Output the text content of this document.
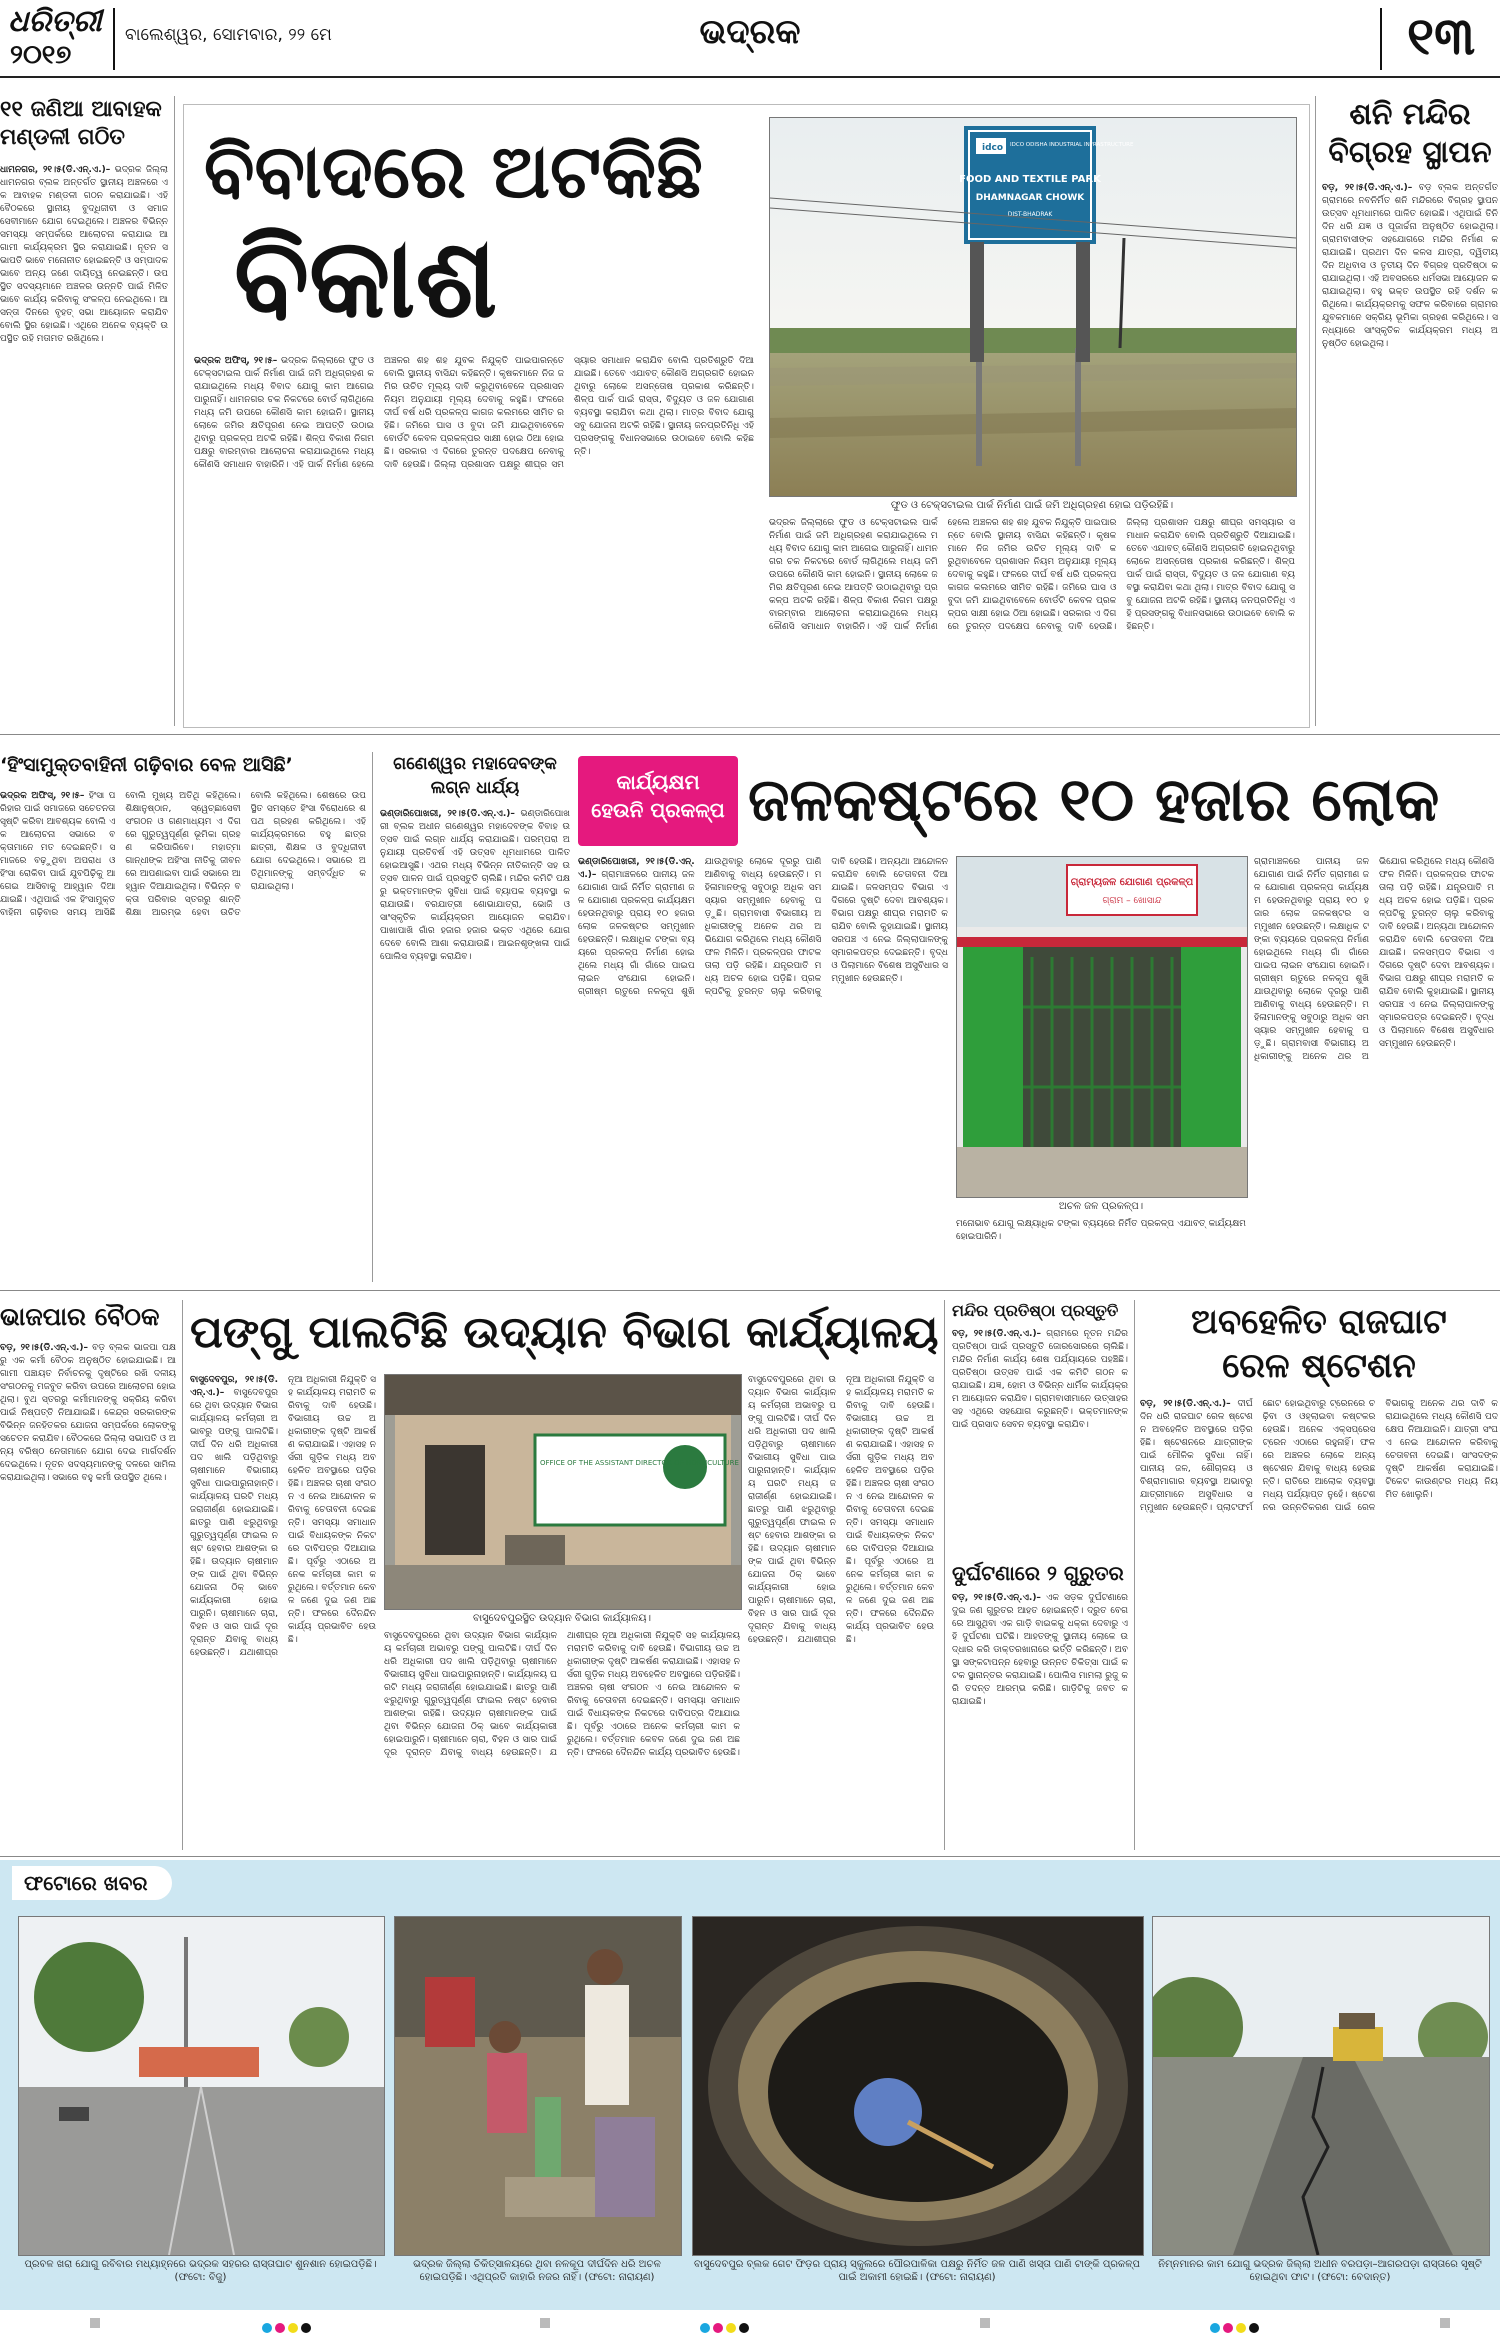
ଧରିତ୍ରୀ
୨୦୧୭
ବାଲେଶ୍ୱର, ସୋମବାର, ୨୨ ମେ	ଭଦ୍ରକ	୧୩
୧୧ ଜଣିଆ ଆବାହକ ମଣ୍ଡଳୀ ଗଠିତ
ଧାମନଗର, ୨୧।୫(ଡି.ଏନ୍.ଏ.)– ଭଦ୍ରକ ଜିଲ୍ଲା ଧାମନଗର ବ୍ଲକ ଅନ୍ତର୍ଗତ ସ୍ଥାନୀୟ ଅଞ୍ଚଳରେ ଏକ ଆବାହକ ମଣ୍ଡଳୀ ଗଠନ କରାଯାଇଛି। ଏହି ବୈଠକରେ ସ୍ଥାନୀୟ ବୁଦ୍ଧିଜୀବୀ ଓ ସମାଜସେବୀମାନେ ଯୋଗ ଦେଇଥିଲେ। ଅଞ୍ଚଳର ବିଭିନ୍ନ ସମସ୍ୟା ସମ୍ପର୍କରେ ଆଲୋଚନା କରାଯାଇ ଆଗାମୀ କାର୍ଯ୍ୟକ୍ରମ ସ୍ଥିର କରାଯାଇଛି। ନୂତନ ସଭାପତି ଭାବେ ମନୋନୀତ ହୋଇଛନ୍ତି ଓ ସମ୍ପାଦକ ଭାବେ ଅନ୍ୟ ଜଣେ ଦାୟିତ୍ୱ ନେଇଛନ୍ତି। ଉପସ୍ଥିତ ସଦସ୍ୟମାନେ ଅଞ୍ଚଳର ଉନ୍ନତି ପାଇଁ ମିଳିତ ଭାବେ କାର୍ଯ୍ୟ କରିବାକୁ ସଂକଳ୍ପ ନେଇଥିଲେ। ଆସନ୍ତା ଦିନରେ ବୃହତ୍ ସଭା ଆୟୋଜନ କରାଯିବ ବୋଲି ସ୍ଥିର ହୋଇଛି। ଏଥିରେ ଅନେକ ବ୍ୟକ୍ତି ଉପସ୍ଥିତ ରହି ମତାମତ ରଖିଥିଲେ।
ବିବାଦରେ ଅଟକିଛି
ବିକାଶ
ଭଦ୍ରକ ଅଫିସ୍, ୨୧।୫– ଭଦ୍ରକ ଜିଲ୍ଲାରେ ଫୁଡ ଓ ଟେକ୍ସଟାଇଲ ପାର୍କ ନିର୍ମାଣ ପାଇଁ ଜମି ଅଧିଗ୍ରହଣ କରାଯାଇଥିଲେ ମଧ୍ୟ ବିବାଦ ଯୋଗୁ କାମ ଆଗେଇ ପାରୁନାହିଁ। ଧାମନଗର ଚକ ନିକଟରେ ବୋର୍ଡ ଲାଗିଥିଲେ ମଧ୍ୟ ଜମି ଉପରେ କୌଣସି କାମ ହୋଇନି। ସ୍ଥାନୀୟ ଲୋକେ ଜମିର କ୍ଷତିପୂରଣ ନେଇ ଆପତ୍ତି ଉଠାଇଥିବାରୁ ପ୍ରକଳ୍ପ ଅଟକି ରହିଛି। ଶିଳ୍ପ ବିକାଶ ନିଗମ ପକ୍ଷରୁ ବାରମ୍ବାର ଆଲୋଚନା କରାଯାଇଥିଲେ ମଧ୍ୟ କୌଣସି ସମାଧାନ ବାହାରିନି। ଏହି ପାର୍କ ନିର୍ମାଣ ହେଲେ ଅଞ୍ଚଳର ଶହ ଶହ ଯୁବକ ନିଯୁକ୍ତି ପାଇପାରନ୍ତେ ବୋଲି ସ୍ଥାନୀୟ ବାସିନ୍ଦା କହିଛନ୍ତି। କୃଷକମାନେ ନିଜ ଜମିର ଉଚିତ ମୂଲ୍ୟ ଦାବି କରୁଥିବାବେଳେ ପ୍ରଶାସନ ନିୟମ ଅନୁଯାୟୀ ମୂଲ୍ୟ ଦେବାକୁ କହୁଛି। ଫଳରେ ଦୀର୍ଘ ବର୍ଷ ଧରି ପ୍ରକଳ୍ପ କାଗଜ କଲମରେ ସୀମିତ ରହିଛି। ଜମିରେ ଘାସ ଓ ବୁଦା ଜମି ଯାଇଥିବାବେଳେ ବୋର୍ଡଟି କେବଳ ପ୍ରକଳ୍ପର ସାକ୍ଷୀ ହୋଇ ଠିଆ ହୋଇଛି। ସରକାର ଏ ଦିଗରେ ତୁରନ୍ତ ପଦକ୍ଷେପ ନେବାକୁ ଦାବି ହେଉଛି। ଜିଲ୍ଲା ପ୍ରଶାସନ ପକ୍ଷରୁ ଶୀଘ୍ର ସମସ୍ୟାର ସମାଧାନ କରାଯିବ ବୋଲି ପ୍ରତିଶ୍ରୁତି ଦିଆଯାଇଛି। ତେବେ ଏଯାବତ୍ କୌଣସି ଅଗ୍ରଗତି ହୋଇନଥିବାରୁ ଲୋକେ ଅସନ୍ତୋଷ ପ୍ରକାଶ କରିଛନ୍ତି। ଶିଳ୍ପ ପାର୍କ ପାଇଁ ରାସ୍ତା, ବିଦ୍ୟୁତ ଓ ଜଳ ଯୋଗାଣ ବ୍ୟବସ୍ଥା କରାଯିବା କଥା ଥିଲା। ମାତ୍ର ବିବାଦ ଯୋଗୁ ସବୁ ଯୋଜନା ଅଟକି ରହିଛି। ସ୍ଥାନୀୟ ଜନପ୍ରତିନିଧି ଏହି ପ୍ରସଙ୍ଗକୁ ବିଧାନସଭାରେ ଉଠାଇବେ ବୋଲି କହିଛନ୍ତି।
idco IDCO ODISHA INDUSTRIAL INFRASTRUCTURE
FOOD AND TEXTILE PARK
DHAMNAGAR CHOWK
DIST-BHADRAK
ଫୁଡ ଓ ଟେକ୍ସଟାଇଲ ପାର୍କ ନିର୍ମାଣ ପାଇଁ ଜମି ଅଧିଗ୍ରହଣ ହୋଇ ପଡ଼ିରହିଛି।
ଭଦ୍ରକ ଜିଲ୍ଲାରେ ଫୁଡ ଓ ଟେକ୍ସଟାଇଲ ପାର୍କ ନିର୍ମାଣ ପାଇଁ ଜମି ଅଧିଗ୍ରହଣ କରାଯାଇଥିଲେ ମଧ୍ୟ ବିବାଦ ଯୋଗୁ କାମ ଆଗେଇ ପାରୁନାହିଁ। ଧାମନଗର ଚକ ନିକଟରେ ବୋର୍ଡ ଲାଗିଥିଲେ ମଧ୍ୟ ଜମି ଉପରେ କୌଣସି କାମ ହୋଇନି। ସ୍ଥାନୀୟ ଲୋକେ ଜମିର କ୍ଷତିପୂରଣ ନେଇ ଆପତ୍ତି ଉଠାଇଥିବାରୁ ପ୍ରକଳ୍ପ ଅଟକି ରହିଛି। ଶିଳ୍ପ ବିକାଶ ନିଗମ ପକ୍ଷରୁ ବାରମ୍ବାର ଆଲୋଚନା କରାଯାଇଥିଲେ ମଧ୍ୟ କୌଣସି ସମାଧାନ ବାହାରିନି। ଏହି ପାର୍କ ନିର୍ମାଣ ହେଲେ ଅଞ୍ଚଳର ଶହ ଶହ ଯୁବକ ନିଯୁକ୍ତି ପାଇପାରନ୍ତେ ବୋଲି ସ୍ଥାନୀୟ ବାସିନ୍ଦା କହିଛନ୍ତି। କୃଷକମାନେ ନିଜ ଜମିର ଉଚିତ ମୂଲ୍ୟ ଦାବି କରୁଥିବାବେଳେ ପ୍ରଶାସନ ନିୟମ ଅନୁଯାୟୀ ମୂଲ୍ୟ ଦେବାକୁ କହୁଛି। ଫଳରେ ଦୀର୍ଘ ବର୍ଷ ଧରି ପ୍ରକଳ୍ପ କାଗଜ କଲମରେ ସୀମିତ ରହିଛି। ଜମିରେ ଘାସ ଓ ବୁଦା ଜମି ଯାଇଥିବାବେଳେ ବୋର୍ଡଟି କେବଳ ପ୍ରକଳ୍ପର ସାକ୍ଷୀ ହୋଇ ଠିଆ ହୋଇଛି। ସରକାର ଏ ଦିଗରେ ତୁରନ୍ତ ପଦକ୍ଷେପ ନେବାକୁ ଦାବି ହେଉଛି। ଜିଲ୍ଲା ପ୍ରଶାସନ ପକ୍ଷରୁ ଶୀଘ୍ର ସମସ୍ୟାର ସମାଧାନ କରାଯିବ ବୋଲି ପ୍ରତିଶ୍ରୁତି ଦିଆଯାଇଛି। ତେବେ ଏଯାବତ୍ କୌଣସି ଅଗ୍ରଗତି ହୋଇନଥିବାରୁ ଲୋକେ ଅସନ୍ତୋଷ ପ୍ରକାଶ କରିଛନ୍ତି। ଶିଳ୍ପ ପାର୍କ ପାଇଁ ରାସ୍ତା, ବିଦ୍ୟୁତ ଓ ଜଳ ଯୋଗାଣ ବ୍ୟବସ୍ଥା କରାଯିବା କଥା ଥିଲା। ମାତ୍ର ବିବାଦ ଯୋଗୁ ସବୁ ଯୋଜନା ଅଟକି ରହିଛି। ସ୍ଥାନୀୟ ଜନପ୍ରତିନିଧି ଏହି ପ୍ରସଙ୍ଗକୁ ବିଧାନସଭାରେ ଉଠାଇବେ ବୋଲି କହିଛନ୍ତି।
ଶନି ମନ୍ଦିର
ବିଗ୍ରହ ସ୍ଥାପନ
ବଡ଼, ୨୧।୫(ଡି.ଏନ୍.ଏ.)– ବଡ଼ ବ୍ଲକ ଅନ୍ତର୍ଗତ ଗ୍ରାମରେ ନବନିର୍ମିତ ଶନି ମନ୍ଦିରରେ ବିଗ୍ରହ ସ୍ଥାପନ ଉତ୍ସବ ଧୂମଧାମରେ ପାଳିତ ହୋଇଛି। ଏଥିପାଇଁ ତିନି ଦିନ ଧରି ଯଜ୍ଞ ଓ ପୂଜାର୍ଚ୍ଚନା ଅନୁଷ୍ଠିତ ହୋଇଥିଲା। ଗ୍ରାମବାସୀଙ୍କ ସହଯୋଗରେ ମନ୍ଦିର ନିର୍ମାଣ କରାଯାଇଛି। ପ୍ରଥମ ଦିନ କଳସ ଯାତ୍ରା, ଦ୍ୱିତୀୟ ଦିନ ଅଧିବାସ ଓ ତୃତୀୟ ଦିନ ବିଗ୍ରହ ପ୍ରତିଷ୍ଠା କରାଯାଇଥିଲା। ଏହି ଅବସରରେ ଧର୍ମସଭା ଆୟୋଜନ କରାଯାଇଥିଲା। ବହୁ ଭକ୍ତ ଉପସ୍ଥିତ ରହି ଦର୍ଶନ କରିଥିଲେ। କାର୍ଯ୍ୟକ୍ରମକୁ ସଫଳ କରିବାରେ ଗ୍ରାମର ଯୁବକମାନେ ସକ୍ରିୟ ଭୂମିକା ଗ୍ରହଣ କରିଥିଲେ। ସନ୍ଧ୍ୟାରେ ସାଂସ୍କୃତିକ କାର୍ଯ୍ୟକ୍ରମ ମଧ୍ୟ ଅନୁଷ୍ଠିତ ହୋଇଥିଲା।
‘ହିଂସାମୁକ୍ତବାହିନୀ ଗଢ଼ିବାର ବେଳ ଆସିଛି’
ଭଦ୍ରକ ଅଫିସ୍, ୨୧।୫– ହିଂସା ପରିହାର ପାଇଁ ସମାଜରେ ସଚେତନତା ସୃଷ୍ଟି କରିବା ଆବଶ୍ୟକ ବୋଲି ଏକ ଆଲୋଚନା ସଭାରେ ବକ୍ତାମାନେ ମତ ଦେଇଛନ୍ତି। ସମାଜରେ ବଢ଼ୁଥିବା ଅପରାଧ ଓ ହିଂସା ରୋକିବା ପାଇଁ ଯୁବପିଢ଼ିକୁ ଆଗେଇ ଆସିବାକୁ ଆହ୍ୱାନ ଦିଆଯାଇଛି। ଏଥିପାଇଁ ଏକ ହିଂସାମୁକ୍ତ ବାହିନୀ ଗଢ଼ିବାର ସମୟ ଆସିଛି ବୋଲି ମୁଖ୍ୟ ଅତିଥି କହିଥିଲେ। ଶିକ୍ଷାନୁଷ୍ଠାନ, ସ୍ୱେଚ୍ଛାସେବୀ ସଂଗଠନ ଓ ଗଣମାଧ୍ୟମ ଏ ଦିଗରେ ଗୁରୁତ୍ୱପୂର୍ଣ୍ଣ ଭୂମିକା ଗ୍ରହଣ କରିପାରିବେ। ମହାତ୍ମା ଗାନ୍ଧୀଙ୍କ ଅହିଂସା ନୀତିକୁ ଜୀବନରେ ଆପଣାଇବା ପାଇଁ ସଭାରେ ଆହ୍ୱାନ ଦିଆଯାଇଥିଲା। ବିଭିନ୍ନ ବକ୍ତା ପରିବାର ସ୍ତରରୁ ଶାନ୍ତି ଶିକ୍ଷା ଆରମ୍ଭ ହେବା ଉଚିତ ବୋଲି କହିଥିଲେ। ଶେଷରେ ଉପସ୍ଥିତ ସମସ୍ତେ ହିଂସା ବିରୋଧରେ ଶପଥ ଗ୍ରହଣ କରିଥିଲେ। ଏହି କାର୍ଯ୍ୟକ୍ରମରେ ବହୁ ଛାତ୍ରଛାତ୍ରୀ, ଶିକ୍ଷକ ଓ ବୁଦ୍ଧିଜୀବୀ ଯୋଗ ଦେଇଥିଲେ। ସଭାରେ ଅତିଥିମାନଙ୍କୁ ସମ୍ବର୍ଦ୍ଧିତ କରାଯାଇଥିଲା।
ଗଣେଶ୍ୱର ମହାଦେବଙ୍କ ଲଗ୍ନ ଧାର୍ଯ୍ୟ
ଭଣ୍ଡାରିପୋଖରୀ, ୨୧।୫(ଡି.ଏନ୍.ଏ.)– ଭଣ୍ଡାରିପୋଖରୀ ବ୍ଲକ ଅଧୀନ ଗଣେଶ୍ୱର ମହାଦେବଙ୍କ ବିବାହ ଉତ୍ସବ ପାଇଁ ଲଗ୍ନ ଧାର୍ଯ୍ୟ କରାଯାଇଛି। ପରମ୍ପରା ଅନୁଯାୟୀ ପ୍ରତିବର୍ଷ ଏହି ଉତ୍ସବ ଧୂମଧାମରେ ପାଳିତ ହୋଇଆସୁଛି। ଏଥର ମଧ୍ୟ ବିଭିନ୍ନ ନୀତିକାନ୍ତି ସହ ଉତ୍ସବ ପାଳନ ପାଇଁ ପ୍ରସ୍ତୁତି ଚାଲିଛି। ମନ୍ଦିର କମିଟି ପକ୍ଷରୁ ଭକ୍ତମାନଙ୍କ ସୁବିଧା ପାଇଁ ବ୍ୟାପକ ବ୍ୟବସ୍ଥା କରାଯାଉଛି। ବରଯାତ୍ରୀ ଶୋଭାଯାତ୍ରା, ଭୋଜି ଓ ସାଂସ୍କୃତିକ କାର୍ଯ୍ୟକ୍ରମ ଆୟୋଜନ କରାଯିବ। ପାଖାପାଖି ଗାଁର ହଜାର ହଜାର ଭକ୍ତ ଏଥିରେ ଯୋଗ ଦେବେ ବୋଲି ଆଶା କରାଯାଉଛି। ଆଇନଶୃଙ୍ଖଳା ପାଇଁ ପୋଲିସ ବ୍ୟବସ୍ଥା କରାଯିବ।
କାର୍ଯ୍ୟକ୍ଷମ
ହେଉନି ପ୍ରକଳ୍ପ ଜଳକଷ୍ଟରେ ୧୦ ହଜାର ଲୋକ
ଭଣ୍ଡାରିପୋଖରୀ, ୨୧।୫(ଡି.ଏନ୍.ଏ.)– ଗ୍ରାମାଞ୍ଚଳରେ ପାନୀୟ ଜଳ ଯୋଗାଣ ପାଇଁ ନିର୍ମିତ ଗ୍ରାମୀଣ ଜଳ ଯୋଗାଣ ପ୍ରକଳ୍ପ କାର୍ଯ୍ୟକ୍ଷମ ହେଉନଥିବାରୁ ପ୍ରାୟ ୧୦ ହଜାର ଲୋକ ଜଳକଷ୍ଟର ସମ୍ମୁଖୀନ ହେଉଛନ୍ତି। ଲକ୍ଷାଧିକ ଟଙ୍କା ବ୍ୟୟରେ ପ୍ରକଳ୍ପ ନିର୍ମାଣ ହୋଇଥିଲେ ମଧ୍ୟ ଗାଁ ଗାଁରେ ପାଇପ ଲାଇନ ସଂଯୋଗ ହୋଇନି। ଗ୍ରୀଷ୍ମ ଋତୁରେ ନଳକୂପ ଶୁଖି ଯାଉଥିବାରୁ ଲୋକେ ଦୂରରୁ ପାଣି ଆଣିବାକୁ ବାଧ୍ୟ ହେଉଛନ୍ତି। ମହିଳାମାନଙ୍କୁ ସବୁଠାରୁ ଅଧିକ ସମସ୍ୟାର ସମ୍ମୁଖୀନ ହେବାକୁ ପଡ଼ୁଛି। ଗ୍ରାମବାସୀ ବିଭାଗୀୟ ଅଧିକାରୀଙ୍କୁ ଅନେକ ଥର ଅଭିଯୋଗ କରିଥିଲେ ମଧ୍ୟ କୌଣସି ଫଳ ମିଳିନି। ପ୍ରକଳ୍ପର ଫାଟକ ତାଲା ପଡ଼ି ରହିଛି। ଯନ୍ତ୍ରପାତି ମଧ୍ୟ ଅଚଳ ହୋଇ ପଡ଼ିଛି। ପ୍ରକଳ୍ପଟିକୁ ତୁରନ୍ତ ଚାଲୁ କରିବାକୁ ଦାବି ହେଉଛି। ଅନ୍ୟଥା ଆନ୍ଦୋଳନ କରାଯିବ ବୋଲି ଚେତାବନୀ ଦିଆଯାଇଛି। ଜଳସମ୍ପଦ ବିଭାଗ ଏ ଦିଗରେ ଦୃଷ୍ଟି ଦେବା ଆବଶ୍ୟକ। ବିଭାଗ ପକ୍ଷରୁ ଶୀଘ୍ର ମରାମତି କରାଯିବ ବୋଲି କୁହାଯାଇଛି। ସ୍ଥାନୀୟ ସରପଞ୍ଚ ଏ ନେଇ ଜିଲ୍ଲାପାଳଙ୍କୁ ସ୍ମାରକପତ୍ର ଦେଇଛନ୍ତି। ବୃଦ୍ଧ ଓ ପିଲାମାନେ ବିଶେଷ ଅସୁବିଧାର ସମ୍ମୁଖୀନ ହେଉଛନ୍ତି।
ଗ୍ରାମ୍ୟଜଳ ଯୋଗାଣ ପ୍ରକଳ୍ପ
ଗ୍ରାମ – ଖୋସାନ୍ଦ
ଅଚଳ ଜଳ ପ୍ରକଳ୍ପ।
ଗ୍ରାମାଞ୍ଚଳରେ ପାନୀୟ ଜଳ ଯୋଗାଣ ପାଇଁ ନିର୍ମିତ ଗ୍ରାମୀଣ ଜଳ ଯୋଗାଣ ପ୍ରକଳ୍ପ କାର୍ଯ୍ୟକ୍ଷମ ହେଉନଥିବାରୁ ପ୍ରାୟ ୧୦ ହଜାର ଲୋକ ଜଳକଷ୍ଟର ସମ୍ମୁଖୀନ ହେଉଛନ୍ତି। ଲକ୍ଷାଧିକ ଟଙ୍କା ବ୍ୟୟରେ ପ୍ରକଳ୍ପ ନିର୍ମାଣ ହୋଇଥିଲେ ମଧ୍ୟ ଗାଁ ଗାଁରେ ପାଇପ ଲାଇନ ସଂଯୋଗ ହୋଇନି। ଗ୍ରୀଷ୍ମ ଋତୁରେ ନଳକୂପ ଶୁଖି ଯାଉଥିବାରୁ ଲୋକେ ଦୂରରୁ ପାଣି ଆଣିବାକୁ ବାଧ୍ୟ ହେଉଛନ୍ତି। ମହିଳାମାନଙ୍କୁ ସବୁଠାରୁ ଅଧିକ ସମସ୍ୟାର ସମ୍ମୁଖୀନ ହେବାକୁ ପଡ଼ୁଛି। ଗ୍ରାମବାସୀ ବିଭାଗୀୟ ଅଧିକାରୀଙ୍କୁ ଅନେକ ଥର ଅଭିଯୋଗ କରିଥିଲେ ମଧ୍ୟ କୌଣସି ଫଳ ମିଳିନି। ପ୍ରକଳ୍ପର ଫାଟକ ତାଲା ପଡ଼ି ରହିଛି। ଯନ୍ତ୍ରପାତି ମଧ୍ୟ ଅଚଳ ହୋଇ ପଡ଼ିଛି। ପ୍ରକଳ୍ପଟିକୁ ତୁରନ୍ତ ଚାଲୁ କରିବାକୁ ଦାବି ହେଉଛି। ଅନ୍ୟଥା ଆନ୍ଦୋଳନ କରାଯିବ ବୋଲି ଚେତାବନୀ ଦିଆଯାଇଛି। ଜଳସମ୍ପଦ ବିଭାଗ ଏ ଦିଗରେ ଦୃଷ୍ଟି ଦେବା ଆବଶ୍ୟକ। ବିଭାଗ ପକ୍ଷରୁ ଶୀଘ୍ର ମରାମତି କରାଯିବ ବୋଲି କୁହାଯାଇଛି। ସ୍ଥାନୀୟ ସରପଞ୍ଚ ଏ ନେଇ ଜିଲ୍ଲାପାଳଙ୍କୁ ସ୍ମାରକପତ୍ର ଦେଇଛନ୍ତି। ବୃଦ୍ଧ ଓ ପିଲାମାନେ ବିଶେଷ ଅସୁବିଧାର ସମ୍ମୁଖୀନ ହେଉଛନ୍ତି।
ମନୋଭାବ ଯୋଗୁ ଲକ୍ଷ୍ୟାଧିକ ଟଙ୍କା ବ୍ୟୟରେ ନିର୍ମିତ ପ୍ରକଳ୍ପ ଏଯାବତ୍ କାର୍ଯ୍ୟକ୍ଷମ ହୋଇପାରିନି।
ଭାଜପାର ବୈଠକ
ବଡ଼, ୨୧।୫(ଡି.ଏନ୍.ଏ.)– ବଡ଼ ବ୍ଲକ ଭାଜପା ପକ୍ଷରୁ ଏକ କର୍ମୀ ବୈଠକ ଅନୁଷ୍ଠିତ ହୋଇଯାଇଛି। ଆଗାମୀ ପଞ୍ଚାୟତ ନିର୍ବାଚନକୁ ଦୃଷ୍ଟିରେ ରଖି ଦଳୀୟ ସଂଗଠନକୁ ମଜବୁତ କରିବା ଉପରେ ଆଲୋଚନା ହୋଇଥିଲା। ବୁଥ ସ୍ତରରୁ କର୍ମୀମାନଙ୍କୁ ସକ୍ରିୟ କରିବା ପାଇଁ ନିଷ୍ପତ୍ତି ନିଆଯାଇଛି। କେନ୍ଦ୍ର ସରକାରଙ୍କ ବିଭିନ୍ନ ଜନହିତକର ଯୋଜନା ସମ୍ପର୍କରେ ଲୋକଙ୍କୁ ସଚେତନ କରାଯିବ। ବୈଠକରେ ଜିଲ୍ଲା ସଭାପତି ଓ ଅନ୍ୟ ବରିଷ୍ଠ ନେତାମାନେ ଯୋଗ ଦେଇ ମାର୍ଗଦର୍ଶନ ଦେଇଥିଲେ। ନୂତନ ସଦସ୍ୟମାନଙ୍କୁ ଦଳରେ ସାମିଲ କରାଯାଇଥିଲା। ସଭାରେ ବହୁ କର୍ମୀ ଉପସ୍ଥିତ ଥିଲେ।
ପଙ୍ଗୁ ପାଲଟିଛି ଉଦ୍ୟାନ ବିଭାଗ କାର୍ଯ୍ୟାଳୟ
ବାସୁଦେବପୁର, ୨୧।୫(ଡି.ଏନ୍.ଏ.)– ବାସୁଦେବପୁରରେ ଥିବା ଉଦ୍ୟାନ ବିଭାଗ କାର୍ଯ୍ୟାଳୟ କର୍ମଚାରୀ ଅଭାବରୁ ପଙ୍ଗୁ ପାଲଟିଛି। ଦୀର୍ଘ ଦିନ ଧରି ଅଧିକାରୀ ପଦ ଖାଲି ପଡ଼ିଥିବାରୁ ଚାଷୀମାନେ ବିଭାଗୀୟ ସୁବିଧା ପାଇପାରୁନାହାନ୍ତି। କାର୍ଯ୍ୟାଳୟ ଘରଟି ମଧ୍ୟ ଜରାଜୀର୍ଣ୍ଣ ହୋଇଯାଇଛି। ଛାତରୁ ପାଣି ଝରୁଥିବାରୁ ଗୁରୁତ୍ୱପୂର୍ଣ୍ଣ ଫାଇଲ ନଷ୍ଟ ହେବାର ଆଶଙ୍କା ରହିଛି। ଉଦ୍ୟାନ ଚାଷୀମାନଙ୍କ ପାଇଁ ଥିବା ବିଭିନ୍ନ ଯୋଜନା ଠିକ୍ ଭାବେ କାର୍ଯ୍ୟକାରୀ ହୋଇପାରୁନି। ଚାଷୀମାନେ ଚାରା, ବିହନ ଓ ସାର ପାଇଁ ଦୂର ଦୂରାନ୍ତ ଯିବାକୁ ବାଧ୍ୟ ହେଉଛନ୍ତି। ଯଥାଶୀଘ୍ର ନୂଆ ଅଧିକାରୀ ନିଯୁକ୍ତି ସହ କାର୍ଯ୍ୟାଳୟ ମରାମତି କରିବାକୁ ଦାବି ହେଉଛି। ବିଭାଗୀୟ ଉଚ୍ଚ ଅଧିକାରୀଙ୍କ ଦୃଷ୍ଟି ଆକର୍ଷଣ କରାଯାଇଛି। ଏହାସହ ନର୍ସରୀ ଗୁଡ଼ିକ ମଧ୍ୟ ଅବହେଳିତ ଅବସ୍ଥାରେ ପଡ଼ିରହିଛି। ଅଞ୍ଚଳର ଚାଷୀ ସଂଗଠନ ଏ ନେଇ ଆନ୍ଦୋଳନ କରିବାକୁ ଚେତାବନୀ ଦେଇଛନ୍ତି। ସମସ୍ୟା ସମାଧାନ ପାଇଁ ବିଧାୟକଙ୍କ ନିକଟରେ ଦାବିପତ୍ର ଦିଆଯାଇଛି। ପୂର୍ବରୁ ଏଠାରେ ଅନେକ କର୍ମଚାରୀ କାମ କରୁଥିଲେ। ବର୍ତ୍ତମାନ କେବଳ ଜଣେ ଦୁଇ ଜଣ ଅଛନ୍ତି। ଫଳରେ ଦୈନନ୍ଦିନ କାର୍ଯ୍ୟ ପ୍ରଭାବିତ ହେଉଛି।
OFFICE OF THE ASSISTANT DIRECTOR OF HORTICULTURE
ବାସୁଦେବପୁରସ୍ଥିତ ଉଦ୍ୟାନ ବିଭାଗ କାର୍ଯ୍ୟାଳୟ।
ବାସୁଦେବପୁରରେ ଥିବା ଉଦ୍ୟାନ ବିଭାଗ କାର୍ଯ୍ୟାଳୟ କର୍ମଚାରୀ ଅଭାବରୁ ପଙ୍ଗୁ ପାଲଟିଛି। ଦୀର୍ଘ ଦିନ ଧରି ଅଧିକାରୀ ପଦ ଖାଲି ପଡ଼ିଥିବାରୁ ଚାଷୀମାନେ ବିଭାଗୀୟ ସୁବିଧା ପାଇପାରୁନାହାନ୍ତି। କାର୍ଯ୍ୟାଳୟ ଘରଟି ମଧ୍ୟ ଜରାଜୀର୍ଣ୍ଣ ହୋଇଯାଇଛି। ଛାତରୁ ପାଣି ଝରୁଥିବାରୁ ଗୁରୁତ୍ୱପୂର୍ଣ୍ଣ ଫାଇଲ ନଷ୍ଟ ହେବାର ଆଶଙ୍କା ରହିଛି। ଉଦ୍ୟାନ ଚାଷୀମାନଙ୍କ ପାଇଁ ଥିବା ବିଭିନ୍ନ ଯୋଜନା ଠିକ୍ ଭାବେ କାର୍ଯ୍ୟକାରୀ ହୋଇପାରୁନି। ଚାଷୀମାନେ ଚାରା, ବିହନ ଓ ସାର ପାଇଁ ଦୂର ଦୂରାନ୍ତ ଯିବାକୁ ବାଧ୍ୟ ହେଉଛନ୍ତି। ଯଥାଶୀଘ୍ର ନୂଆ ଅଧିକାରୀ ନିଯୁକ୍ତି ସହ କାର୍ଯ୍ୟାଳୟ ମରାମତି କରିବାକୁ ଦାବି ହେଉଛି। ବିଭାଗୀୟ ଉଚ୍ଚ ଅଧିକାରୀଙ୍କ ଦୃଷ୍ଟି ଆକର୍ଷଣ କରାଯାଇଛି। ଏହାସହ ନର୍ସରୀ ଗୁଡ଼ିକ ମଧ୍ୟ ଅବହେଳିତ ଅବସ୍ଥାରେ ପଡ଼ିରହିଛି। ଅଞ୍ଚଳର ଚାଷୀ ସଂଗଠନ ଏ ନେଇ ଆନ୍ଦୋଳନ କରିବାକୁ ଚେତାବନୀ ଦେଇଛନ୍ତି। ସମସ୍ୟା ସମାଧାନ ପାଇଁ ବିଧାୟକଙ୍କ ନିକଟରେ ଦାବିପତ୍ର ଦିଆଯାଇଛି। ପୂର୍ବରୁ ଏଠାରେ ଅନେକ କର୍ମଚାରୀ କାମ କରୁଥିଲେ। ବର୍ତ୍ତମାନ କେବଳ ଜଣେ ଦୁଇ ଜଣ ଅଛନ୍ତି। ଫଳରେ ଦୈନନ୍ଦିନ କାର୍ଯ୍ୟ ପ୍ରଭାବିତ ହେଉଛି।
ବାସୁଦେବପୁରରେ ଥିବା ଉଦ୍ୟାନ ବିଭାଗ କାର୍ଯ୍ୟାଳୟ କର୍ମଚାରୀ ଅଭାବରୁ ପଙ୍ଗୁ ପାଲଟିଛି। ଦୀର୍ଘ ଦିନ ଧରି ଅଧିକାରୀ ପଦ ଖାଲି ପଡ଼ିଥିବାରୁ ଚାଷୀମାନେ ବିଭାଗୀୟ ସୁବିଧା ପାଇପାରୁନାହାନ୍ତି। କାର୍ଯ୍ୟାଳୟ ଘରଟି ମଧ୍ୟ ଜରାଜୀର୍ଣ୍ଣ ହୋଇଯାଇଛି। ଛାତରୁ ପାଣି ଝରୁଥିବାରୁ ଗୁରୁତ୍ୱପୂର୍ଣ୍ଣ ଫାଇଲ ନଷ୍ଟ ହେବାର ଆଶଙ୍କା ରହିଛି। ଉଦ୍ୟାନ ଚାଷୀମାନଙ୍କ ପାଇଁ ଥିବା ବିଭିନ୍ନ ଯୋଜନା ଠିକ୍ ଭାବେ କାର୍ଯ୍ୟକାରୀ ହୋଇପାରୁନି। ଚାଷୀମାନେ ଚାରା, ବିହନ ଓ ସାର ପାଇଁ ଦୂର ଦୂରାନ୍ତ ଯିବାକୁ ବାଧ୍ୟ ହେଉଛନ୍ତି। ଯଥାଶୀଘ୍ର ନୂଆ ଅଧିକାରୀ ନିଯୁକ୍ତି ସହ କାର୍ଯ୍ୟାଳୟ ମରାମତି କରିବାକୁ ଦାବି ହେଉଛି। ବିଭାଗୀୟ ଉଚ୍ଚ ଅଧିକାରୀଙ୍କ ଦୃଷ୍ଟି ଆକର୍ଷଣ କରାଯାଇଛି। ଏହାସହ ନର୍ସରୀ ଗୁଡ଼ିକ ମଧ୍ୟ ଅବହେଳିତ ଅବସ୍ଥାରେ ପଡ଼ିରହିଛି। ଅଞ୍ଚଳର ଚାଷୀ ସଂଗଠନ ଏ ନେଇ ଆନ୍ଦୋଳନ କରିବାକୁ ଚେତାବନୀ ଦେଇଛନ୍ତି। ସମସ୍ୟା ସମାଧାନ ପାଇଁ ବିଧାୟକଙ୍କ ନିକଟରେ ଦାବିପତ୍ର ଦିଆଯାଇଛି। ପୂର୍ବରୁ ଏଠାରେ ଅନେକ କର୍ମଚାରୀ କାମ କରୁଥିଲେ। ବର୍ତ୍ତମାନ କେବଳ ଜଣେ ଦୁଇ ଜଣ ଅଛନ୍ତି। ଫଳରେ ଦୈନନ୍ଦିନ କାର୍ଯ୍ୟ ପ୍ରଭାବିତ ହେଉଛି।
ମନ୍ଦିର ପ୍ରତିଷ୍ଠା ପ୍ରସ୍ତୁତି
ବଡ଼, ୨୧।୫(ଡି.ଏନ୍.ଏ.)– ଗ୍ରାମରେ ନୂତନ ମନ୍ଦିର ପ୍ରତିଷ୍ଠା ପାଇଁ ପ୍ରସ୍ତୁତି ଜୋରସୋରରେ ଚାଲିଛି। ମନ୍ଦିର ନିର୍ମାଣ କାର୍ଯ୍ୟ ଶେଷ ପର୍ଯ୍ୟାୟରେ ପହଞ୍ଚିଛି। ପ୍ରତିଷ୍ଠା ଉତ୍ସବ ପାଇଁ ଏକ କମିଟି ଗଠନ କରାଯାଇଛି। ଯଜ୍ଞ, ହୋମ ଓ ବିଭିନ୍ନ ଧାର୍ମିକ କାର୍ଯ୍ୟକ୍ରମ ଆୟୋଜନ କରାଯିବ। ଗ୍ରାମବାସୀମାନେ ଉତ୍ସାହର ସହ ଏଥିରେ ସହଯୋଗ କରୁଛନ୍ତି। ଭକ୍ତମାନଙ୍କ ପାଇଁ ପ୍ରସାଦ ସେବନ ବ୍ୟବସ୍ଥା କରାଯିବ।
ଦୁର୍ଘଟଣାରେ ୨ ଗୁରୁତର
ବଡ଼, ୨୧।୫(ଡି.ଏନ୍.ଏ.)– ଏକ ସଡ଼କ ଦୁର୍ଘଟଣାରେ ଦୁଇ ଜଣ ଗୁରୁତର ଆହତ ହୋଇଛନ୍ତି। ଦ୍ରୁତ ବେଗରେ ଆସୁଥିବା ଏକ ଗାଡ଼ି ବାଇକକୁ ଧକ୍କା ଦେବାରୁ ଏହି ଦୁର୍ଘଟଣା ଘଟିଛି। ଆହତଙ୍କୁ ସ୍ଥାନୀୟ ଲୋକେ ଉଦ୍ଧାର କରି ଡାକ୍ତରଖାନାରେ ଭର୍ତ୍ତି କରିଛନ୍ତି। ଅବସ୍ଥା ସଙ୍କଟାପନ୍ନ ହେବାରୁ ଉନ୍ନତ ଚିକିତ୍ସା ପାଇଁ କଟକ ସ୍ଥାନାନ୍ତର କରାଯାଇଛି। ପୋଲିସ ମାମଲା ରୁଜୁ କରି ତଦନ୍ତ ଆରମ୍ଭ କରିଛି। ଗାଡ଼ିଟିକୁ ଜବତ କରାଯାଇଛି।
ଅବହେଳିତ ରାଜଘାଟ
ରେଳ ଷ୍ଟେଶନ
ବଡ଼, ୨୧।୫(ଡି.ଏନ୍.ଏ.)– ଦୀର୍ଘ ଦିନ ଧରି ରାଜଘାଟ ରେଳ ଷ୍ଟେଶନ ଅବହେଳିତ ଅବସ୍ଥାରେ ପଡ଼ିରହିଛି। ଷ୍ଟେଶନରେ ଯାତ୍ରୀଙ୍କ ପାଇଁ ମୌଳିକ ସୁବିଧା ନାହିଁ। ପାନୀୟ ଜଳ, ଶୌଚାଳୟ ଓ ବିଶ୍ରାମାଗାର ବ୍ୟବସ୍ଥା ଅଭାବରୁ ଯାତ୍ରୀମାନେ ଅସୁବିଧାର ସମ୍ମୁଖୀନ ହେଉଛନ୍ତି। ପ୍ଲାଟଫର୍ମ ଛୋଟ ହୋଇଥିବାରୁ ଟ୍ରେନରେ ଚଢ଼ିବା ଓ ଓହ୍ଲାଇବା କଷ୍ଟକର ହେଉଛି। ଅନେକ ଏକ୍ସପ୍ରେସ ଟ୍ରେନ ଏଠାରେ ରହୁନାହିଁ। ଫଳରେ ଅଞ୍ଚଳର ଲୋକେ ଅନ୍ୟ ଷ୍ଟେଶନ ଯିବାକୁ ବାଧ୍ୟ ହେଉଛନ୍ତି। ରାତିରେ ଆଲୋକ ବ୍ୟବସ୍ଥା ମଧ୍ୟ ପର୍ଯ୍ୟାପ୍ତ ନୁହେଁ। ଷ୍ଟେଶନର ଉନ୍ନତିକରଣ ପାଇଁ ରେଳ ବିଭାଗକୁ ଅନେକ ଥର ଦାବି କରାଯାଇଥିଲେ ମଧ୍ୟ କୌଣସି ପଦକ୍ଷେପ ନିଆଯାଇନି। ଯାତ୍ରୀ ସଂଘ ଏ ନେଇ ଆନ୍ଦୋଳନ କରିବାକୁ ଚେତାବନୀ ଦେଇଛି। ସାଂସଦଙ୍କ ଦୃଷ୍ଟି ଆକର୍ଷଣ କରାଯାଇଛି। ଟିକେଟ କାଉଣ୍ଟର ମଧ୍ୟ ନିୟମିତ ଖୋଲୁନି।
ଫଟୋରେ ଖବର
ପ୍ରବଳ ଖରା ଯୋଗୁ ରବିବାର ମଧ୍ୟାହ୍ନରେ ଭଦ୍ରକ ସହରର ରାସ୍ତାଘାଟ ଶୁନଶାନ ହୋଇପଡ଼ିଛି। (ଫଟୋ: ବିଜୁ)
ଭଦ୍ରକ ଜିଲ୍ଲା ଚିକିତ୍ସାଳୟରେ ଥିବା ନଳକୂପ ଦୀର୍ଘଦିନ ଧରି ଅଚଳ ହୋଇପଡ଼ିଛି। ଏଥିପ୍ରତି କାହାରି ନଜର ନାହିଁ। (ଫଟୋ: ନାରାୟଣ)
ବାସୁଦେବପୁର ବ୍ଲକ ଗେଟ ଫିଡ଼ର ପ୍ରାୟ ସ୍କୁଲରେ ପୌରପାଳିକା ପକ୍ଷରୁ ନିର୍ମିତ ଜଳ ପାଣି ଖସ୍ତା ପାଣି ଟାଙ୍କି ପ୍ରକଳ୍ପ ପାଇଁ ଅକାମୀ ହୋଇଛି। (ଫଟୋ: ନାରାୟଣ)
ନିମ୍ନମାନର କାମ ଯୋଗୁ ଭଦ୍ରକ ଜିଲ୍ଲା ଅଧୀନ ବରପଡ଼ା–ଆଗରପଡ଼ା ରାସ୍ତାରେ ସୃଷ୍ଟି ହୋଇଥିବା ଫାଟ। (ଫଟୋ: ବେଦାନ୍ତ)
